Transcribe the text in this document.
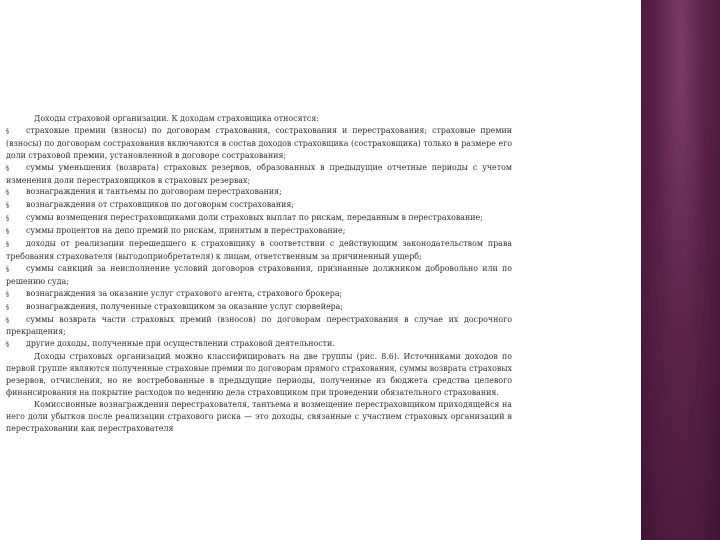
Доходы страховой организации. К доходам страховщика относятся:

§ страховые премии (взносы) по договорам страхования, сострахования и перестрахования; страховые премии (взносы) по договорам сострахования включаются в состав доходов страховщика (состраховщика) только в размере его доли страховой премии, установленной в договоре сострахования;

§ суммы уменьшения (возврата) страховых резервов, образованных в предыдущие отчетные периоды с учетом изменения доли перестраховщиков в страховых резервах;

§ вознаграждения и тантьемы по договорам перестрахования;

§ вознаграждения от страховщиков по договорам сострахования;

§ суммы возмещения перестраховщиками доли страховых выплат по рискам, переданным в перестрахование;

§ суммы процентов на депо премий по рискам, принятым в перестрахование;

§ доходы от реализации перешедшего к страховщику в соответствии с действующим законодательством права требования страхователя (выгодоприобретателя) к лицам, ответственным за причиненный ущерб;

§ суммы санкций за неисполнение условий договоров страхования, признанные должником добровольно или по решению суда;

§ вознаграждения за оказание услуг страхового агента, страхового брокера;

§ вознаграждения, полученные страховщиком за оказание услуг сюрвейера;

§ суммы возврата части страховых премий (взносов) по договорам перестрахования в случае их досрочного прекращения;

§ другие доходы, полученные при осуществлении страховой деятельности.

Доходы страховых организаций можно классифицировать на две группы (рис. 8.6). Источниками доходов по первой группе являются полученные страховые премии по договорам прямого страхования, суммы возврата страховых резервов, отчисления, но не востребованные в предыдущие периоды, полученные из бюджета средства целевого финансирования на покрытие расходов по ведению дела страховщиком при проведении обязательного страхования.

Комиссионные вознаграждения перестрахователя, тантьема и возмещение перестраховщиком приходящейся на него доли убытков после реализации страхового риска — это доходы, связанные с участием страховых организаций в перестраховании как перестрахователя
